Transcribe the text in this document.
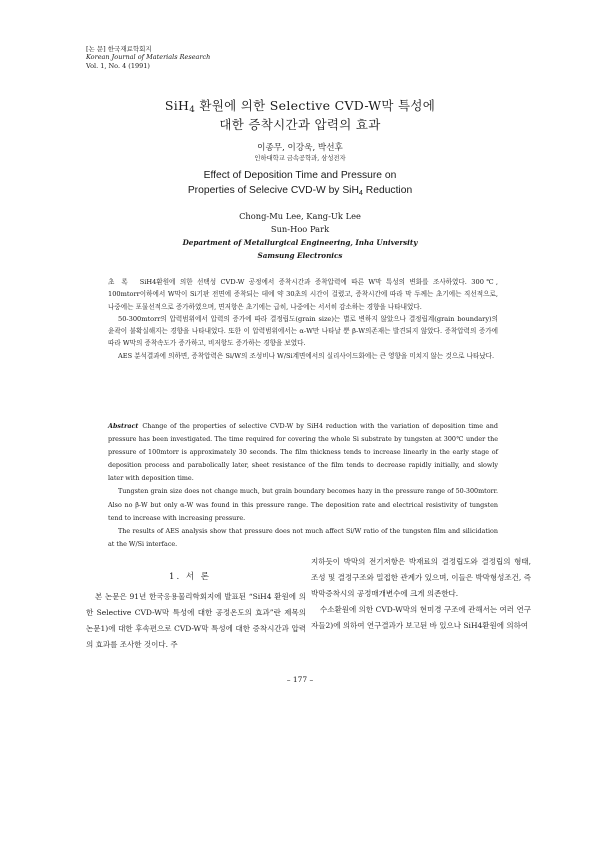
[논 문] 한국재료학회지
Korean Journal of Materials Research
Vol. 1, No. 4 (1991)
SiH$_4$ 환원에 의한 Selective CVD-W막 특성에
대한 증착시간과 압력의 효과
이종무, 이강욱, 박선후
인하대학교 금속공학과, 삼성전자
Effect of Deposition Time and Pressure on
Properties of Selecive CVD-W by SiH$_4$ Reduction
Chong-Mu Lee, Kang-Uk Lee
Sun-Hoo Park
Department of Metallurgical Engineering, Inha University
Samsung Electronics

초록 SiH4환원에 의한 선택성 CVD-W 공정에서 증착시간과 증착압력에 따른 W막 특성의 변화를 조사하였다. 300℃, 100mtorr이하에서 W막이 Si기판 전면에 증착되는 데에 약 30초의 시간이 걸렸고, 증착시간에 따라 막 두께는 초기에는 직선적으로, 나중에는 포물선적으로 증가하였으며, 면저항은 초기에는 급히, 나중에는 서서히 감소하는 경향을 나타내었다.

50-300mtorr의 압력범위에서 압력의 증가에 따라 결정립도(grain size)는 별로 변하지 않았으나 결정립계(grain boundary)의 윤곽이 불확실해지는 경향을 나타내었다. 또한 이 압력범위에서는 α-W만 나타날 뿐 β-W의존재는 발견되지 않았다. 증착압력의 증가에 따라 W막의 증착속도가 증가하고, 비저항도 증가하는 경향을 보였다.

AES 분석결과에 의하면, 증착압력은 Si/W의 조성비나 W/Si계면에서의 실리사이드화에는 큰 영향을 미치지 않는 것으로 나타났다.

Abstract Change of the properties of selective CVD-W by SiH4 reduction with the variation of deposition time and pressure has been investigated. The time required for covering the whole Si substrate by tungsten at 300℃ under the pressure of 100mtorr is approximately 30 seconds. The film thickness tends to increase linearly in the early stage of deposition process and parabolically later, sheet resistance of the film tends to decrease rapidly initially, and slowly later with deposition time.

Tungsten grain size does not change much, but grain boundary becomes hazy in the pressure range of 50-300mtorr. Also no β-W but only α-W was found in this pressure range. The deposition rate and electrical resistivity of tungsten tend to increase with increasing pressure.

The results of AES analysis show that pressure does not much affect Si/W ratio of the tungsten film and silicidation at the W/Si interface.

1. 서 론

본 논문은 91년 한국응용물리학회지에 발표된 “SiH4 환원에 의한 Selective CVD-W막 특성에 대한 공정온도의 효과”란 제목의 논문1)에 대한 후속편으로 CVD-W막 특성에 대한 증착시간과 압력의 효과를 조사한 것이다. 주

지하듯이 박막의 전기저항은 박재료의 결정립도와 결정립의 형태, 조성 및 결정구조와 밀접한 관계가 있으며, 이들은 박막형성조건, 즉 박막증착시의 공정매개변수에 크게 의존한다.

수소환원에 의한 CVD-W막의 현미경 구조에 관해서는 여러 연구자들2)에 의하여 연구결과가 보고된 바 있으나 SiH4환원에 의하여

– 177 –
